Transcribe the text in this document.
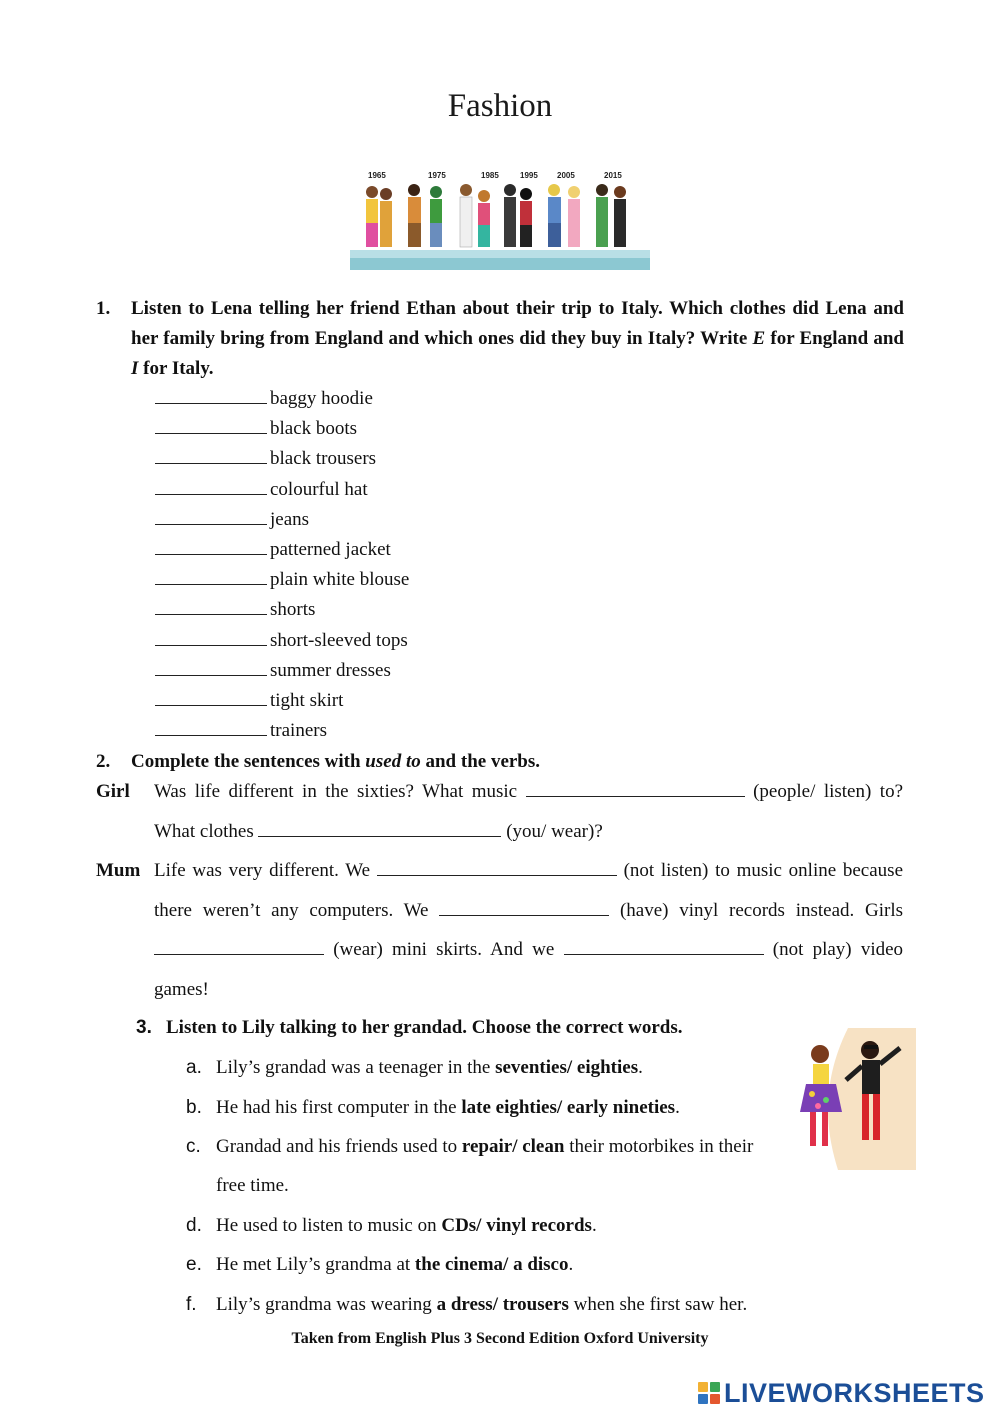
Fashion
1965	1975	1985	1995 2005	2015
1. Listen to Lena telling her friend Ethan about their trip to Italy. Which clothes did Lena and her family bring from England and which ones did they buy in Italy? Write E for England and I for Italy.
baggy hoodie
black boots
black trousers
colourful hat
jeans
patterned jacket
plain white blouse
shorts
short-sleeved tops
summer dresses
tight skirt
trainers
2. Complete the sentences with used to and the verbs.
Girl Was life different in the sixties? What music	(people/ listen) to?
What clothes	(you/ wear)?
Mum Life was very different. We	(not listen) to music online because
there weren’t any computers. We	(have) vinyl records instead. Girls
(wear) mini skirts. And we	(not play) video
games!
3. Listen to Lily talking to her grandad. Choose the correct words.
a. Lily’s grandad was a teenager in the seventies/ eighties.
b. He had his first computer in the late eighties/ early nineties.
c. Grandad and his friends used to repair/ clean their motorbikes in their
free time.
d. He used to listen to music on CDs/ vinyl records.
e. He met Lily’s grandma at the cinema/ a disco.
f. Lily’s grandma was wearing a dress/ trousers when she first saw her.
Taken from English Plus 3 Second Edition Oxford University
LIVEWORKSHEETS
